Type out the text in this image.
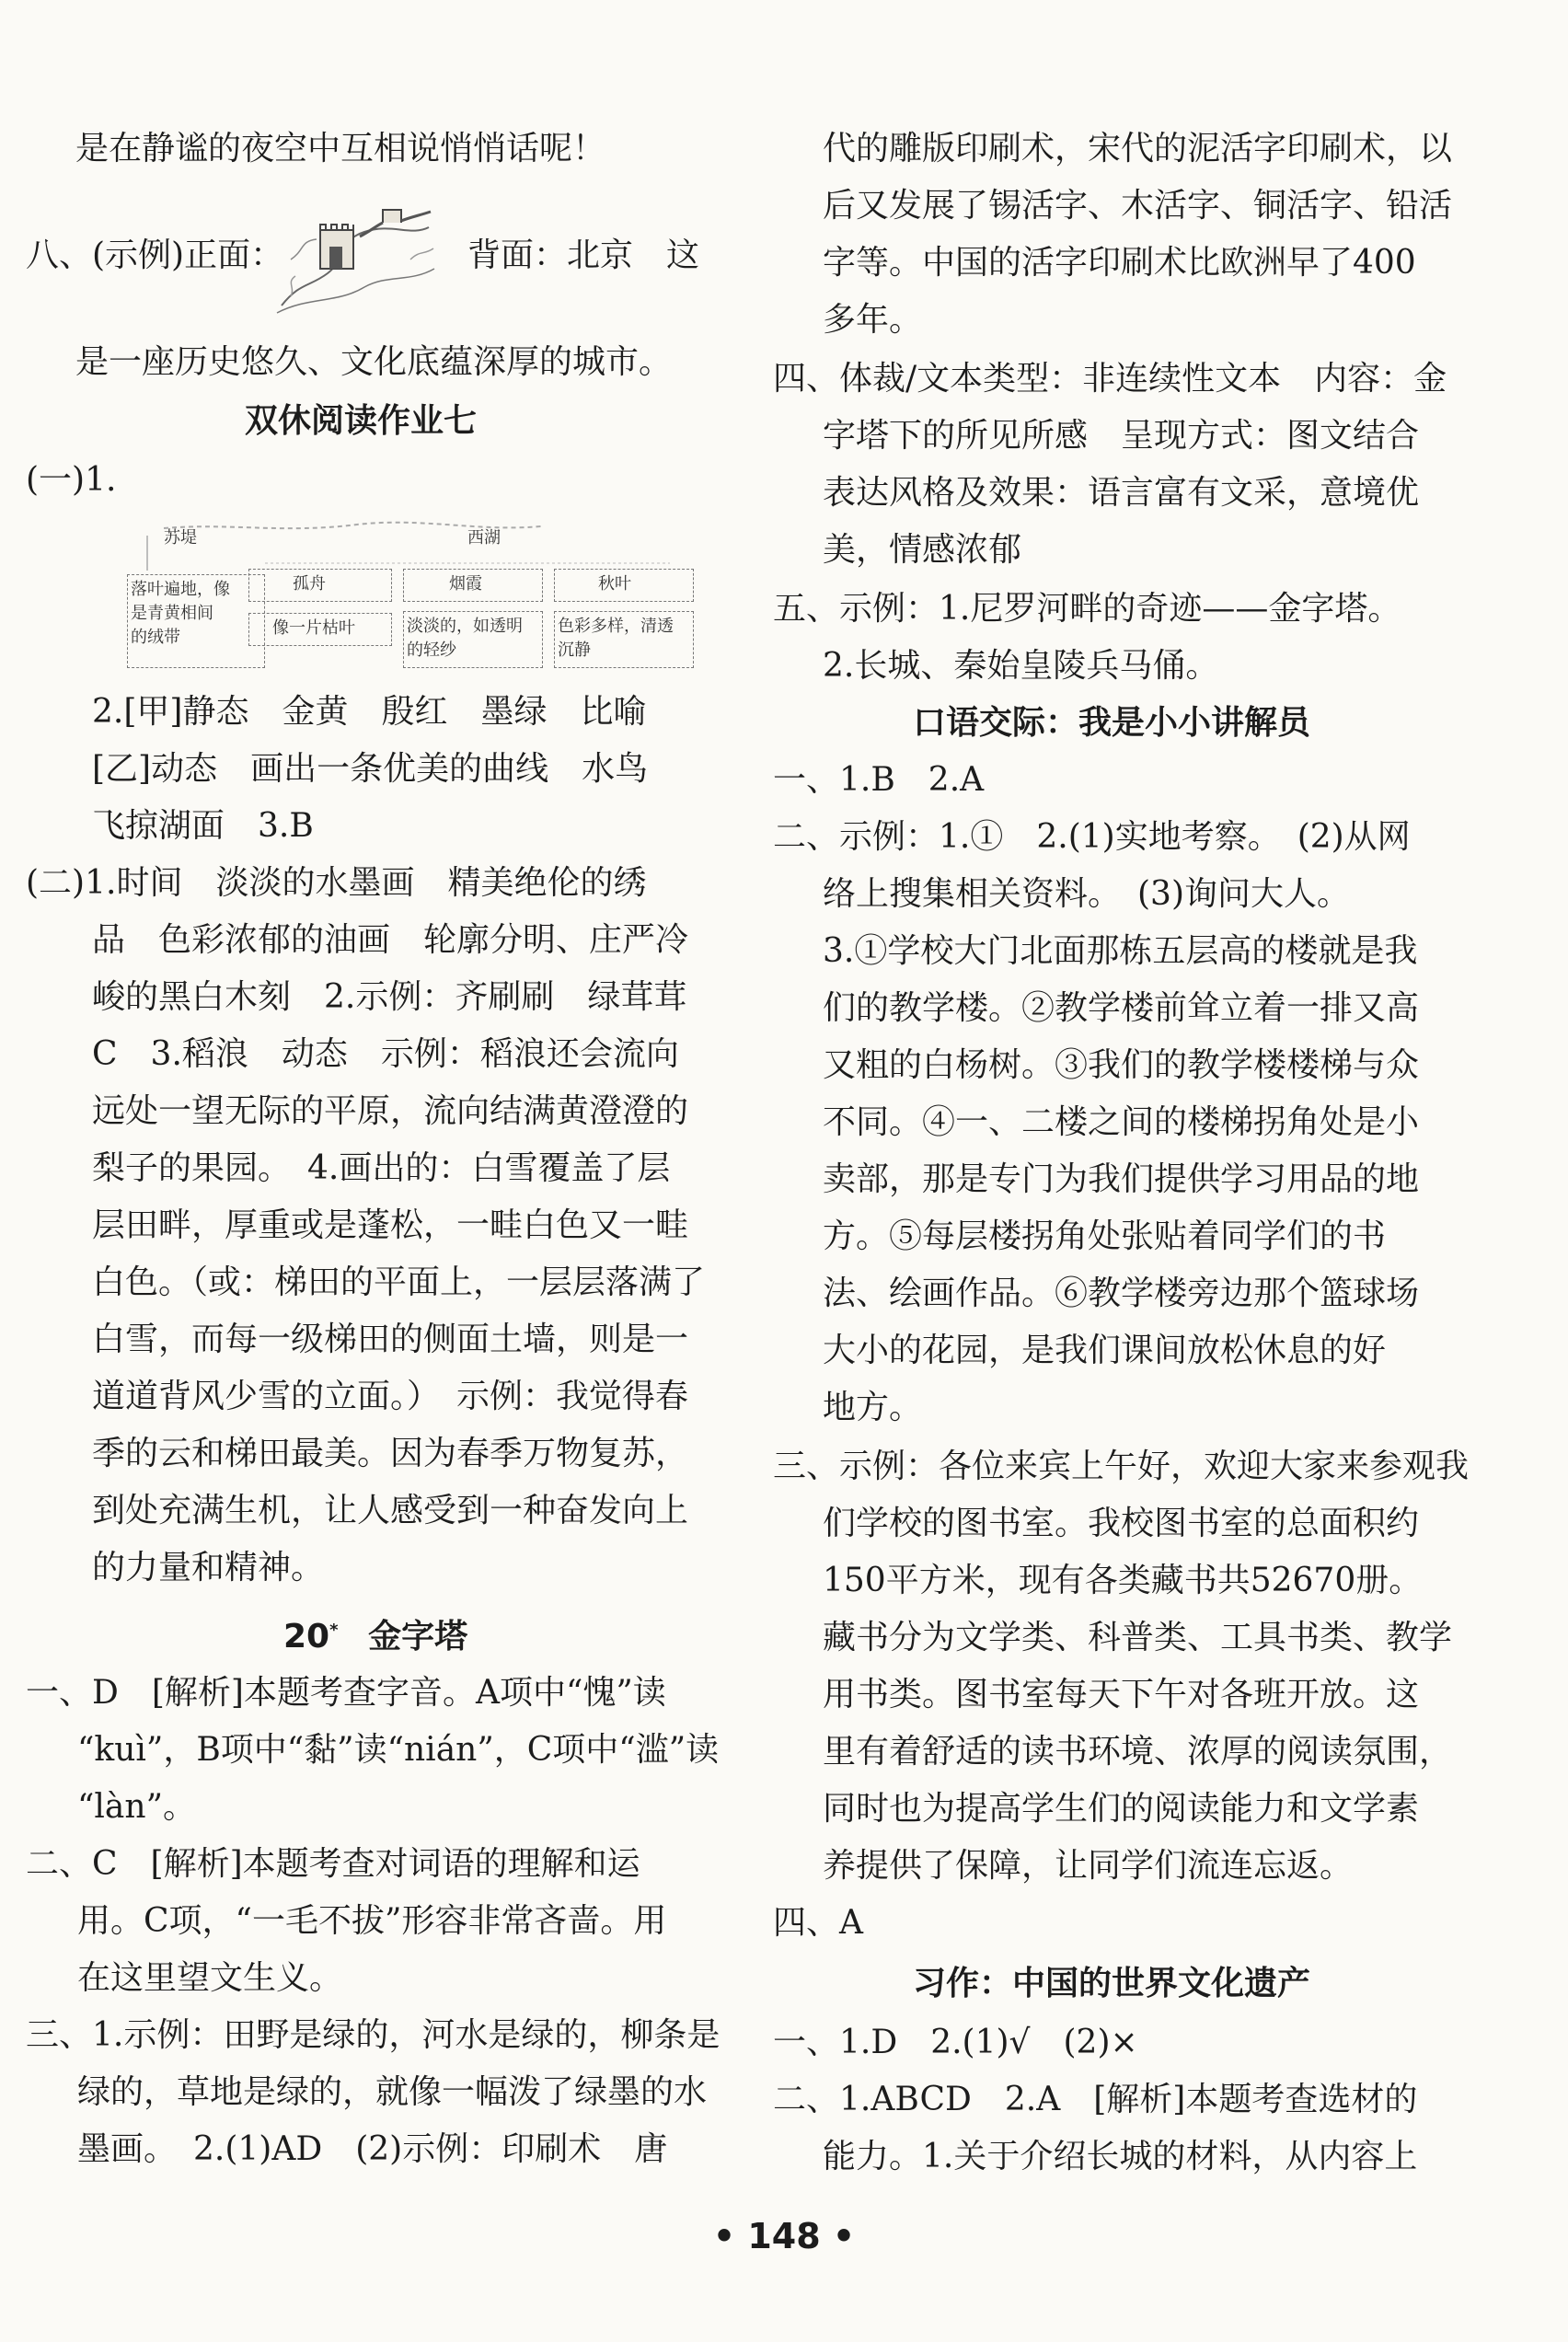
是在静谧的夜空中互相说悄悄话呢！
八、(示例)正面：	背面：北京　这
是一座历史悠久、文化底蕴深厚的城市。
双休阅读作业七
(一)1.
苏堤	西湖
落叶遍地，像
是青黄相间
的绒带
孤舟	烟霞	秋叶
像一片枯叶	淡淡的，如透明
的轻纱
色彩多样，清透
沉静
2.[甲]静态　金黄　殷红　墨绿　比喻
[乙]动态　画出一条优美的曲线　水鸟
飞掠湖面　3.B
(二)1.时间　淡淡的水墨画　精美绝伦的绣
品　色彩浓郁的油画　轮廓分明、庄严冷
峻的黑白木刻　2.示例：齐刷刷　绿茸茸
C　3.稻浪　动态　示例：稻浪还会流向
远处一望无际的平原，流向结满黄澄澄的
梨子的果园。　4.画出的：白雪覆盖了层
层田畔，厚重或是蓬松，一畦白色又一畦
白色。（或：梯田的平面上，一层层落满了
白雪，而每一级梯田的侧面土墙，则是一
道道背风少雪的立面。）　示例：我觉得春
季的云和梯田最美。因为春季万物复苏，
到处充满生机，让人感受到一种奋发向上
的力量和精神。
20* 金字塔
一、D　[解析]本题考查字音。A项中“愧”读
“kuì”，B项中“黏”读“nián”，C项中“滥”读
“làn”。
二、C　[解析]本题考查对词语的理解和运
用。C项，“一毛不拔”形容非常吝啬。用
在这里望文生义。
三、1.示例：田野是绿的，河水是绿的，柳条是
绿的，草地是绿的，就像一幅泼了绿墨的水
墨画。　2.(1)AD　(2)示例：印刷术　唐
代的雕版印刷术，宋代的泥活字印刷术，以
后又发展了锡活字、木活字、铜活字、铅活
字等。中国的活字印刷术比欧洲早了400
多年。
四、体裁/文本类型：非连续性文本　内容：金
字塔下的所见所感　呈现方式：图文结合
表达风格及效果：语言富有文采，意境优
美，情感浓郁
五、示例：1.尼罗河畔的奇迹——金字塔。
2.长城、秦始皇陵兵马俑。
口语交际：我是小小讲解员
一、1.B　2.A
二、示例：1.①　2.(1)实地考察。　(2)从网
络上搜集相关资料。　(3)询问大人。
3.①学校大门北面那栋五层高的楼就是我
们的教学楼。②教学楼前耸立着一排又高
又粗的白杨树。③我们的教学楼楼梯与众
不同。④一、二楼之间的楼梯拐角处是小
卖部，那是专门为我们提供学习用品的地
方。⑤每层楼拐角处张贴着同学们的书
法、绘画作品。⑥教学楼旁边那个篮球场
大小的花园，是我们课间放松休息的好
地方。
三、示例：各位来宾上午好，欢迎大家来参观我
们学校的图书室。我校图书室的总面积约
150平方米，现有各类藏书共52670册。
藏书分为文学类、科普类、工具书类、教学
用书类。图书室每天下午对各班开放。这
里有着舒适的读书环境、浓厚的阅读氛围，
同时也为提高学生们的阅读能力和文学素
养提供了保障，让同学们流连忘返。
四、A
习作：中国的世界文化遗产
一、1.D　2.(1)√　(2)×
二、1.ABCD　2.A　[解析]本题考查选材的
能力。1.关于介绍长城的材料，从内容上
• 148 •
